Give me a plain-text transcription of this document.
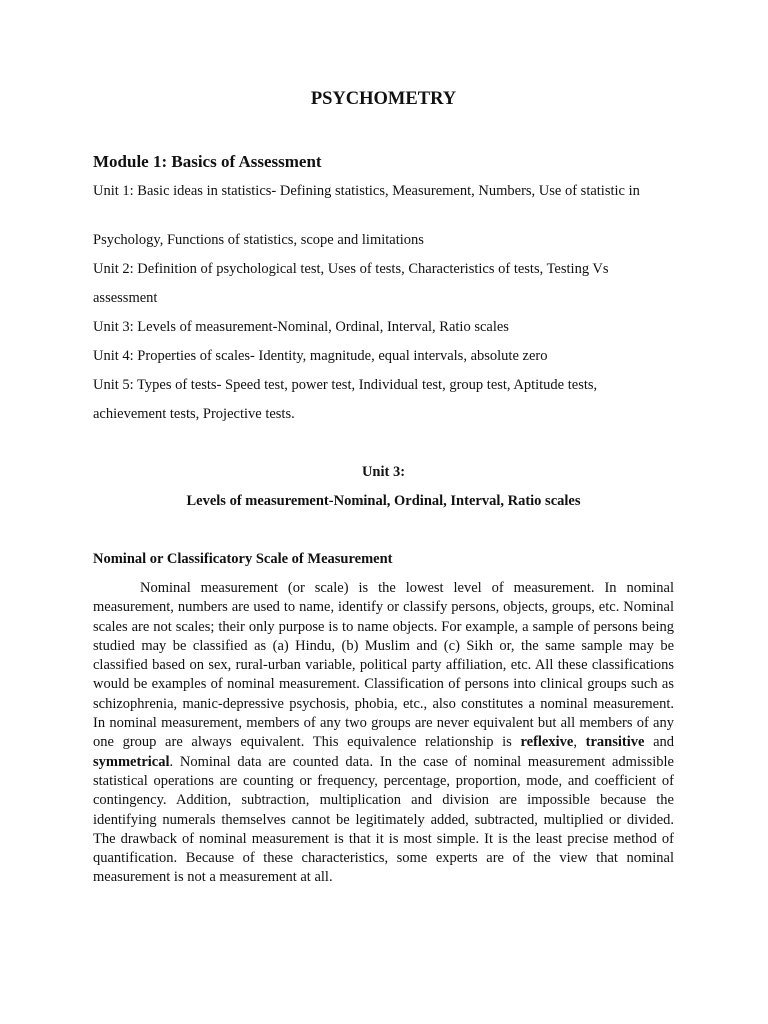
PSYCHOMETRY
Module 1: Basics of Assessment

Unit 1: Basic ideas in statistics- Defining statistics, Measurement, Numbers, Use of statistic in

Psychology, Functions of statistics, scope and limitations

Unit 2: Definition of psychological test, Uses of tests, Characteristics of tests, Testing Vs

assessment

Unit 3: Levels of measurement-Nominal, Ordinal, Interval, Ratio scales

Unit 4: Properties of scales- Identity, magnitude, equal intervals, absolute zero

Unit 5: Types of tests- Speed test, power test, Individual test, group test, Aptitude tests,

achievement tests, Projective tests.

Unit 3:

Levels of measurement-Nominal, Ordinal, Interval, Ratio scales

Nominal or Classificatory Scale of Measurement

Nominal measurement (or scale) is the lowest level of measurement. In nominal measurement, numbers are used to name, identify or classify persons, objects, groups, etc. Nominal scales are not scales; their only purpose is to name objects. For example, a sample of persons being studied may be classified as (a) Hindu, (b) Muslim and (c) Sikh or, the same sample may be classified based on sex, rural-urban variable, political party affiliation, etc. All these classifications would be examples of nominal measurement. Classification of persons into clinical groups such as schizophrenia, manic-depressive psychosis, phobia, etc., also constitutes a nominal measurement. In nominal measurement, members of any two groups are never equivalent but all members of any one group are always equivalent. This equivalence relationship is reflexive, transitive and symmetrical. Nominal data are counted data. In the case of nominal measurement admissible statistical operations are counting or frequency, percentage, proportion, mode, and coefficient of contingency. Addition, subtraction, multiplication and division are impossible because the identifying numerals themselves cannot be legitimately added, subtracted, multiplied or divided. The drawback of nominal measurement is that it is most simple. It is the least precise method of quantification. Because of these characteristics, some experts are of the view that nominal measurement is not a measurement at all.
